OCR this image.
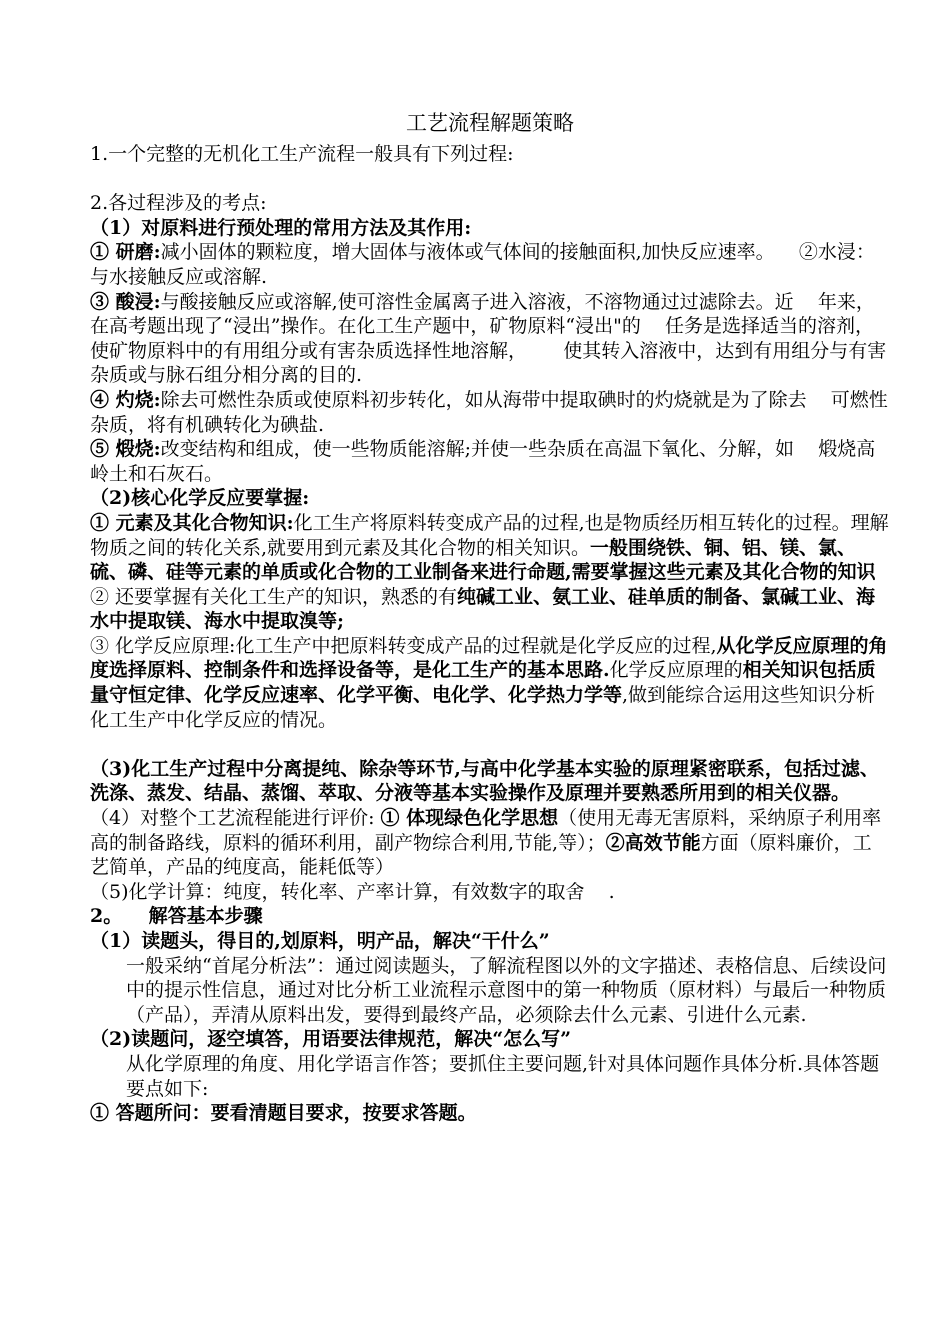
工艺流程解题策略

1.一个完整的无机化工生产流程一般具有下列过程:

2.各过程涉及的考点:

（1）对原料进行预处理的常用方法及其作用:

① 研磨:减小固体的颗粒度，增大固体与液体或气体间的接触面积,加快反应速率。    ②水浸：与水接触反应或溶解.

③ 酸浸:与酸接触反应或溶解,使可溶性金属离子进入溶液，不溶物通过过滤除去。近    年来，在高考题出现了“浸出”操作。在化工生产题中，矿物原料“浸出"的    任务是选择适当的溶剂，使矿物原料中的有用组分或有害杂质选择性地溶解，      使其转入溶液中，达到有用组分与有害杂质或与脉石组分相分离的目的.

④ 灼烧:除去可燃性杂质或使原料初步转化，如从海带中提取碘时的灼烧就是为了除去    可燃性杂质，将有机碘转化为碘盐.

⑤ 煅烧:改变结构和组成，使一些物质能溶解;并使一些杂质在高温下氧化、分解，如    煅烧高岭土和石灰石。

（2)核心化学反应要掌握:

① 元素及其化合物知识:化工生产将原料转变成产品的过程,也是物质经历相互转化的过程。理解物质之间的转化关系,就要用到元素及其化合物的相关知识。一般围绕铁、铜、铝、镁、氯、硫、磷、硅等元素的单质或化合物的工业制备来进行命题,需要掌握这些元素及其化合物的知识

② 还要掌握有关化工生产的知识，熟悉的有纯碱工业、氨工业、硅单质的制备、氯碱工业、海水中提取镁、海水中提取溴等;

③ 化学反应原理:化工生产中把原料转变成产品的过程就是化学反应的过程,从化学反应原理的角度选择原料、控制条件和选择设备等，是化工生产的基本思路.化学反应原理的相关知识包括质量守恒定律、化学反应速率、化学平衡、电化学、化学热力学等,做到能综合运用这些知识分析化工生产中化学反应的情况。

（3)化工生产过程中分离提纯、除杂等环节,与高中化学基本实验的原理紧密联系，包括过滤、洗涤、蒸发、结晶、蒸馏、萃取、分液等基本实验操作及原理并要熟悉所用到的相关仪器。

（4）对整个工艺流程能进行评价: ① 体现绿色化学思想（使用无毒无害原料，采纳原子利用率高的制备路线，原料的循环利用，副产物综合利用,节能,等）；②高效节能方面（原料廉价，工艺简单，产品的纯度高，能耗低等）

（5)化学计算：纯度，转化率、产率计算，有效数字的取舍    .

2。    解答基本步骤

（1）读题头，得目的,划原料，明产品，解决“干什么”

一般采纳“首尾分析法”：通过阅读题头，了解流程图以外的文字描述、表格信息、后续设问中的提示性信息，通过对比分析工业流程示意图中的第一种物质（原材料）与最后一种物质（产品），弄清从原料出发，要得到最终产品，必须除去什么元素、引进什么元素.

（2)读题问，逐空填答，用语要法律规范，解决“怎么写”

从化学原理的角度、用化学语言作答；要抓住主要问题,针对具体问题作具体分析.具体答题要点如下:

① 答题所问：要看清题目要求，按要求答题。
